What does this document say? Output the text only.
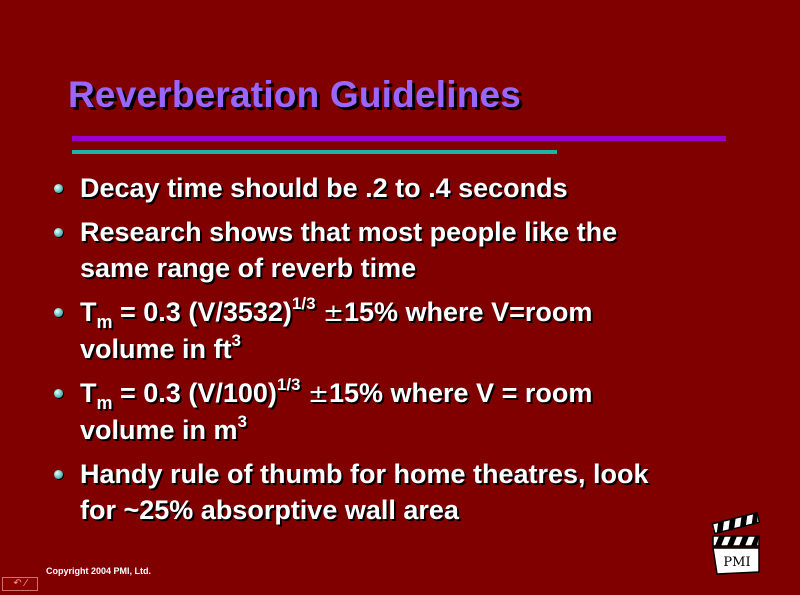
Reverberation Guidelines
Decay time should be .2 to .4 seconds
Research shows that most people like the
same range of reverb time
$T_m = 0.3$ $(V/3532)^{1/3} \pm 15\%$ where V=room
volume in $ft^3$
$T_m = 0.3$ $(V/100)^{1/3} \pm 15\%$ where V = room
volume in $m^3$
Handy rule of thumb for home theatres, look
for ~25% absorptive wall area
PMI
Copyright 2004 PMI, Ltd.
↶ ⁄
